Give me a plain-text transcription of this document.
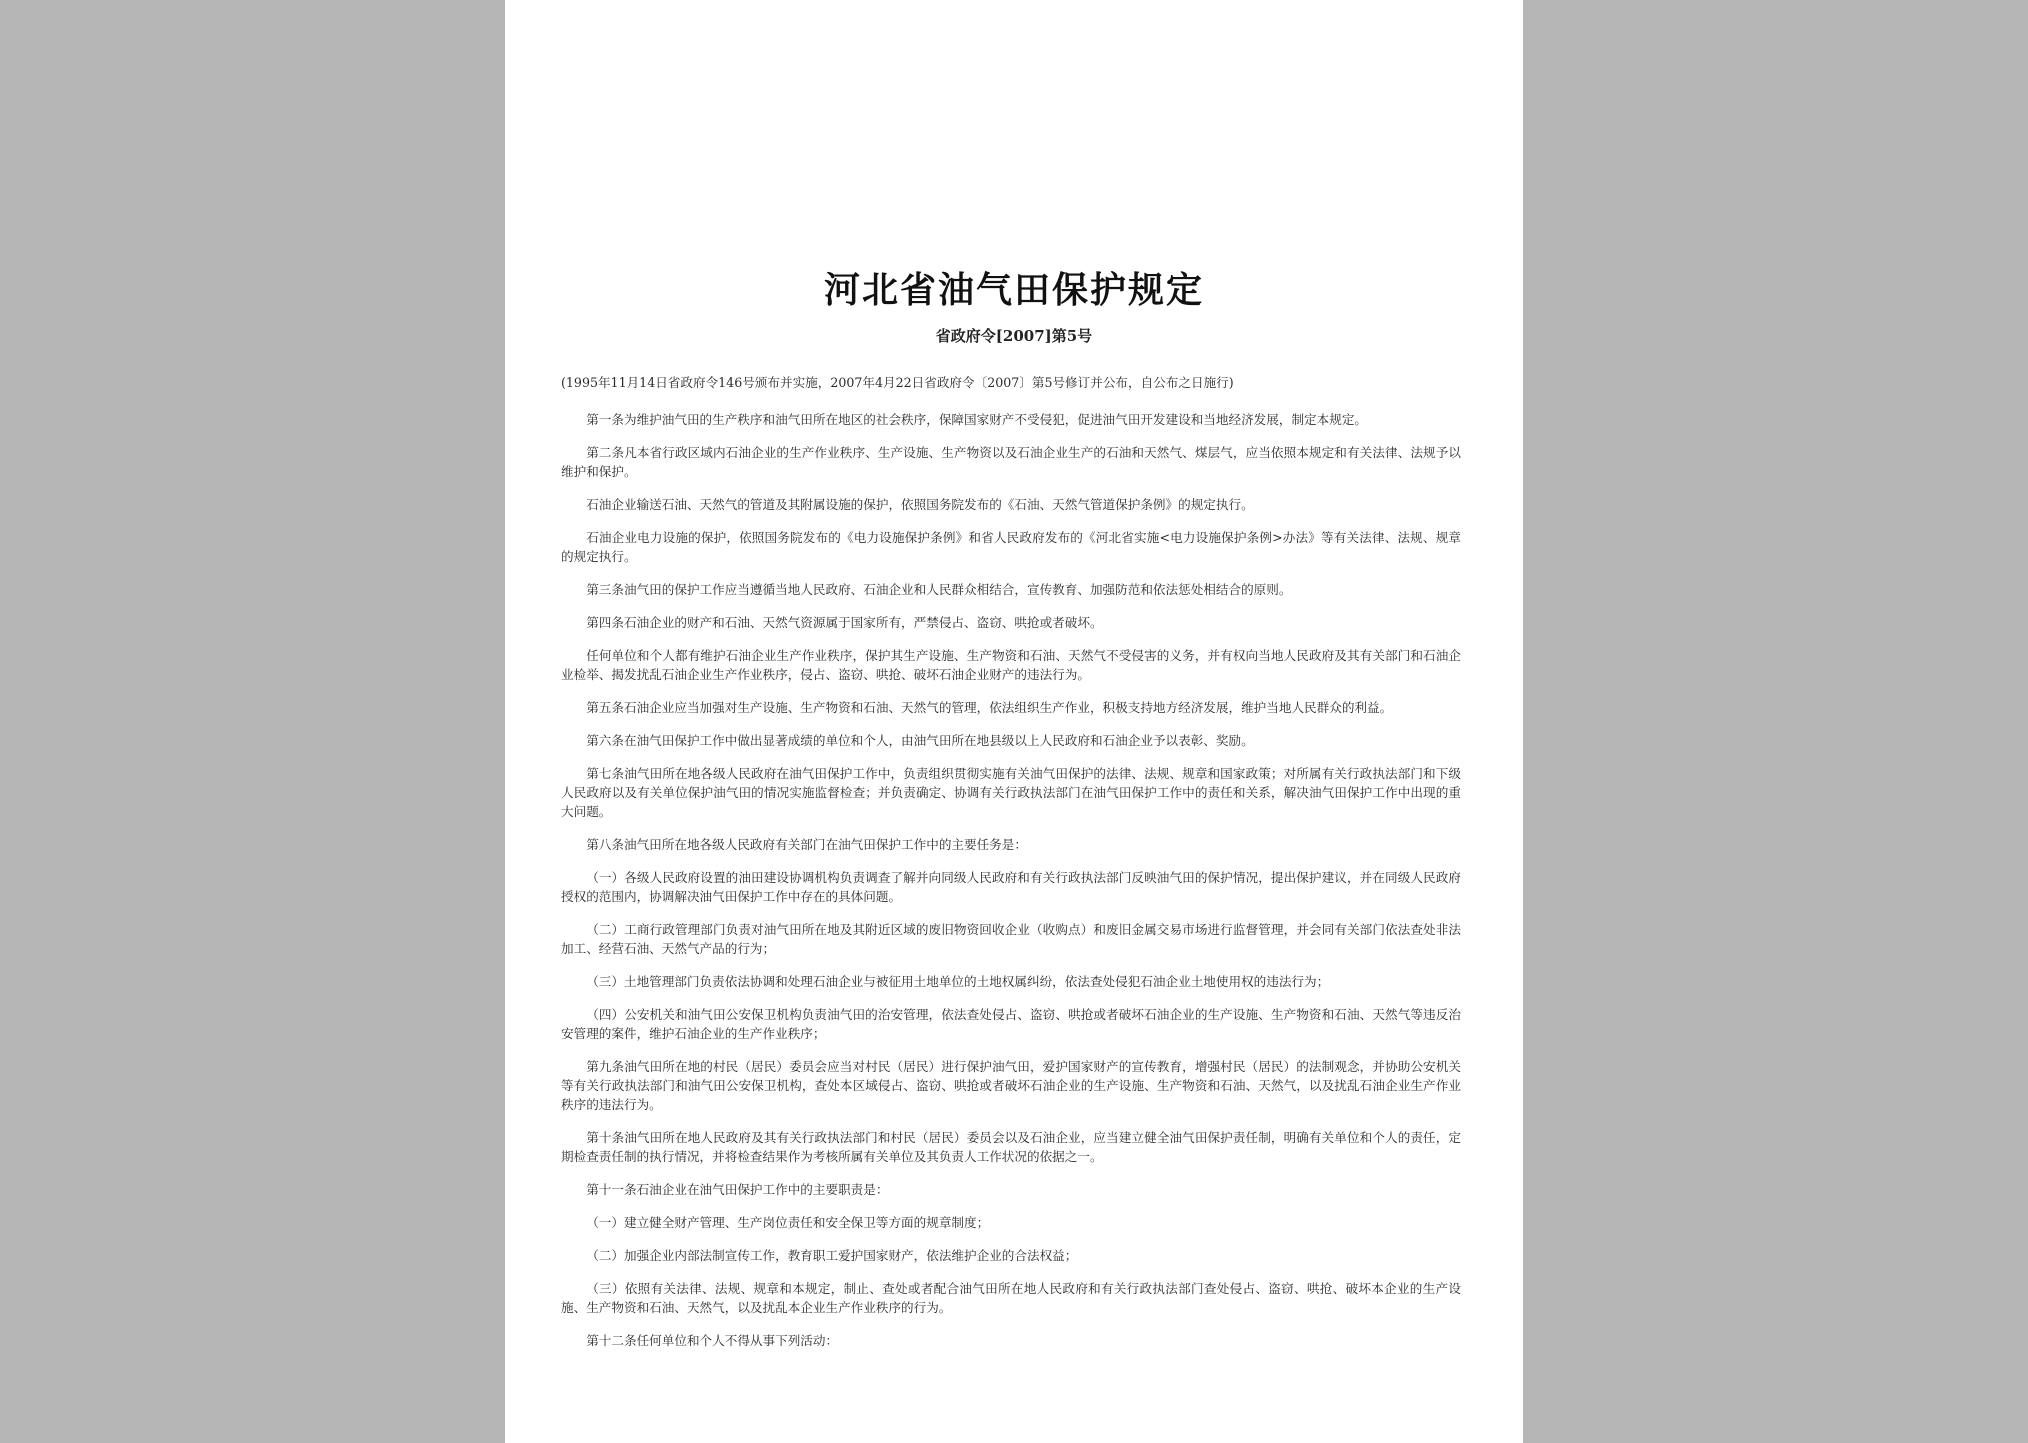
河北省油气田保护规定
省政府令[2007]第5号

(1995年11月14日省政府令146号颁布并实施，2007年4月22日省政府令〔2007〕第5号修订并公布，自公布之日施行)

第一条为维护油气田的生产秩序和油气田所在地区的社会秩序，保障国家财产不受侵犯，促进油气田开发建设和当地经济发展，制定本规定。

第二条凡本省行政区域内石油企业的生产作业秩序、生产设施、生产物资以及石油企业生产的石油和天然气、煤层气，应当依照本规定和有关法律、法规予以维护和保护。

石油企业输送石油、天然气的管道及其附属设施的保护，依照国务院发布的《石油、天然气管道保护条例》的规定执行。

石油企业电力设施的保护，依照国务院发布的《电力设施保护条例》和省人民政府发布的《河北省实施<电力设施保护条例>办法》等有关法律、法规、规章的规定执行。

第三条油气田的保护工作应当遵循当地人民政府、石油企业和人民群众相结合，宣传教育、加强防范和依法惩处相结合的原则。

第四条石油企业的财产和石油、天然气资源属于国家所有，严禁侵占、盗窃、哄抢或者破坏。

任何单位和个人都有维护石油企业生产作业秩序，保护其生产设施、生产物资和石油、天然气不受侵害的义务，并有权向当地人民政府及其有关部门和石油企业检举、揭发扰乱石油企业生产作业秩序，侵占、盗窃、哄抢、破坏石油企业财产的违法行为。

第五条石油企业应当加强对生产设施、生产物资和石油、天然气的管理，依法组织生产作业，积极支持地方经济发展，维护当地人民群众的利益。

第六条在油气田保护工作中做出显著成绩的单位和个人，由油气田所在地县级以上人民政府和石油企业予以表彰、奖励。

第七条油气田所在地各级人民政府在油气田保护工作中，负责组织贯彻实施有关油气田保护的法律、法规、规章和国家政策；对所属有关行政执法部门和下级人民政府以及有关单位保护油气田的情况实施监督检查；并负责确定、协调有关行政执法部门在油气田保护工作中的责任和关系，解决油气田保护工作中出现的重大问题。

第八条油气田所在地各级人民政府有关部门在油气田保护工作中的主要任务是：

（一）各级人民政府设置的油田建设协调机构负责调查了解并向同级人民政府和有关行政执法部门反映油气田的保护情况，提出保护建议，并在同级人民政府授权的范围内，协调解决油气田保护工作中存在的具体问题。

（二）工商行政管理部门负责对油气田所在地及其附近区域的废旧物资回收企业（收购点）和废旧金属交易市场进行监督管理，并会同有关部门依法查处非法加工、经营石油、天然气产品的行为；

（三）土地管理部门负责依法协调和处理石油企业与被征用土地单位的土地权属纠纷，依法查处侵犯石油企业土地使用权的违法行为；

（四）公安机关和油气田公安保卫机构负责油气田的治安管理，依法查处侵占、盗窃、哄抢或者破坏石油企业的生产设施、生产物资和石油、天然气等违反治安管理的案件，维护石油企业的生产作业秩序；

第九条油气田所在地的村民（居民）委员会应当对村民（居民）进行保护油气田，爱护国家财产的宣传教育，增强村民（居民）的法制观念，并协助公安机关等有关行政执法部门和油气田公安保卫机构，查处本区域侵占、盗窃、哄抢或者破坏石油企业的生产设施、生产物资和石油、天然气，以及扰乱石油企业生产作业秩序的违法行为。

第十条油气田所在地人民政府及其有关行政执法部门和村民（居民）委员会以及石油企业，应当建立健全油气田保护责任制，明确有关单位和个人的责任，定期检查责任制的执行情况，并将检查结果作为考核所属有关单位及其负责人工作状况的依据之一。

第十一条石油企业在油气田保护工作中的主要职责是：

（一）建立健全财产管理、生产岗位责任和安全保卫等方面的规章制度；

（二）加强企业内部法制宣传工作，教育职工爱护国家财产，依法维护企业的合法权益；

（三）依照有关法律、法规、规章和本规定，制止、查处或者配合油气田所在地人民政府和有关行政执法部门查处侵占、盗窃、哄抢、破坏本企业的生产设施、生产物资和石油、天然气，以及扰乱本企业生产作业秩序的行为。

第十二条任何单位和个人不得从事下列活动：
